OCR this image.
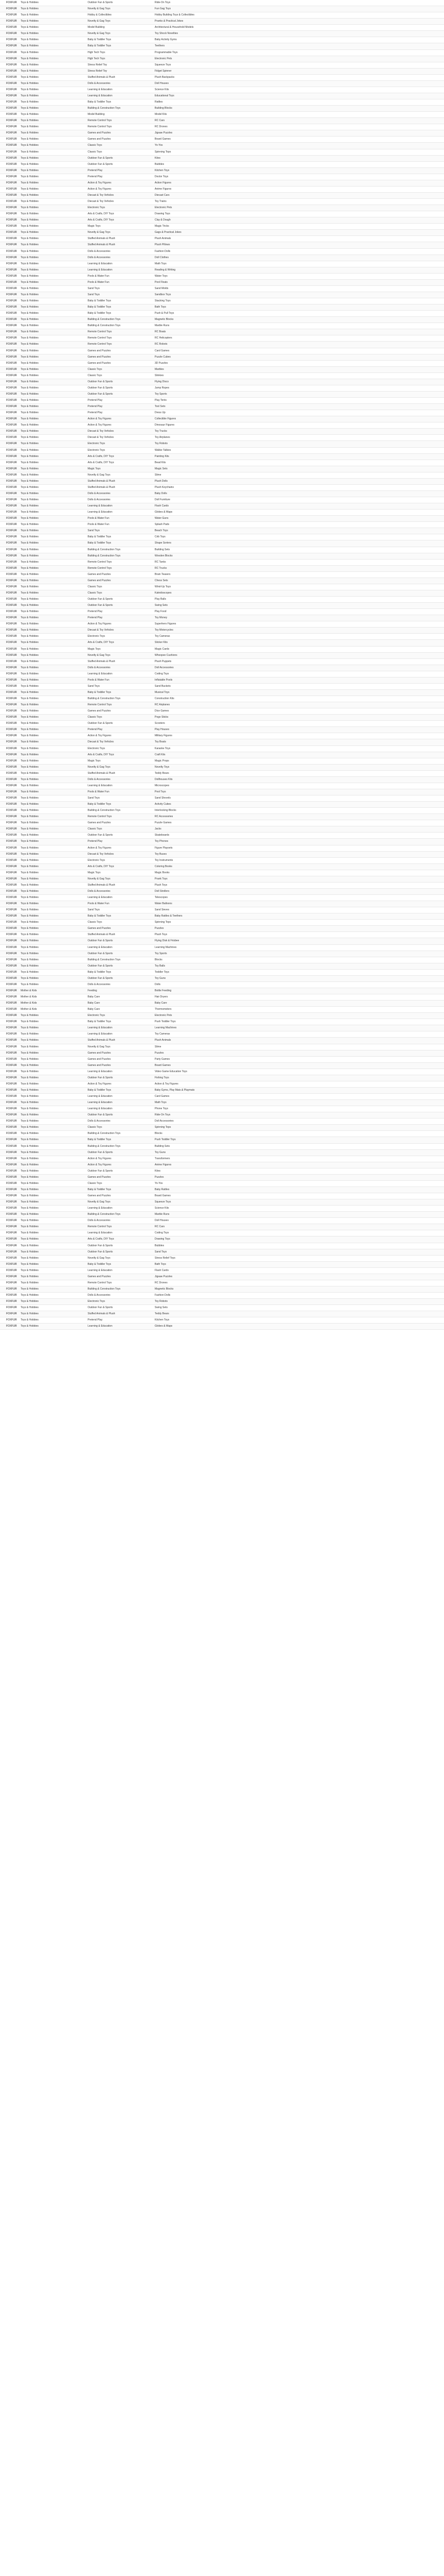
FOXFUR Toys & Hobbies	Outdoor Fun & Sports	Ride-On Toys
FOXFUR Toys & Hobbies	Novelty & Gag Toys	Fun Gag Toys
FOXFUR Toys & Hobbies	Hobby & Collectibles	Hobby Building Toys & Collectibles
FOXFUR Toys & Hobbies	Novelty & Gag Toys	Pranks & Practical Jokes
FOXFUR Toys & Hobbies	Model Building	Architectural & Household Models
FOXFUR Toys & Hobbies	Novelty & Gag Toys	Toy Shock Novelties
FOXFUR Toys & Hobbies	Baby & Toddler Toys	Baby Activity Gyms
FOXFUR Toys & Hobbies	Baby & Toddler Toys	Teethers
FOXFUR Toys & Hobbies	High Tech Toys	Programmable Toys
FOXFUR Toys & Hobbies	High Tech Toys	Electronic Pets
FOXFUR Toys & Hobbies	Stress Relief Toy	Squeeze Toys
FOXFUR Toys & Hobbies	Stress Relief Toy	Fidget Spinner
FOXFUR Toys & Hobbies	Stuffed Animals & Plush	Plush Backpacks
FOXFUR Toys & Hobbies	Dolls & Accessories	Doll Houses
FOXFUR Toys & Hobbies	Learning & Education	Science Kits
FOXFUR Toys & Hobbies	Learning & Education	Educational Toys
FOXFUR Toys & Hobbies	Baby & Toddler Toys	Rattles
FOXFUR Toys & Hobbies	Building & Construction Toys	Building Blocks
FOXFUR Toys & Hobbies	Model Building	Model Kits
FOXFUR Toys & Hobbies	Remote Control Toys	RC Cars
FOXFUR Toys & Hobbies	Remote Control Toys	RC Drones
FOXFUR Toys & Hobbies	Games and Puzzles	Jigsaw Puzzles
FOXFUR Toys & Hobbies	Games and Puzzles	Board Games
FOXFUR Toys & Hobbies	Classic Toys	Yo-Yos
FOXFUR Toys & Hobbies	Classic Toys	Spinning Tops
FOXFUR Toys & Hobbies	Outdoor Fun & Sports	Kites
FOXFUR Toys & Hobbies	Outdoor Fun & Sports	Bubbles
FOXFUR Toys & Hobbies	Pretend Play	Kitchen Toys
FOXFUR Toys & Hobbies	Pretend Play	Doctor Toys
FOXFUR Toys & Hobbies	Action & Toy Figures	Action Figures
FOXFUR Toys & Hobbies	Action & Toy Figures	Anime Figures
FOXFUR Toys & Hobbies	Diecast & Toy Vehicles	Diecast Cars
FOXFUR Toys & Hobbies	Diecast & Toy Vehicles	Toy Trains
FOXFUR Toys & Hobbies	Electronic Toys	Electronic Pets
FOXFUR Toys & Hobbies	Arts & Crafts, DIY Toys	Drawing Toys
FOXFUR Toys & Hobbies	Arts & Crafts, DIY Toys	Clay & Dough
FOXFUR Toys & Hobbies	Magic Toys	Magic Tricks
FOXFUR Toys & Hobbies	Novelty & Gag Toys	Gags & Practical Jokes
FOXFUR Toys & Hobbies	Stuffed Animals & Plush	Plush Animals
FOXFUR Toys & Hobbies	Stuffed Animals & Plush	Plush Pillows
FOXFUR Toys & Hobbies	Dolls & Accessories	Fashion Dolls
FOXFUR Toys & Hobbies	Dolls & Accessories	Doll Clothes
FOXFUR Toys & Hobbies	Learning & Education	Math Toys
FOXFUR Toys & Hobbies	Learning & Education	Reading & Writing
FOXFUR Toys & Hobbies	Pools & Water Fun	Water Toys
FOXFUR Toys & Hobbies	Pools & Water Fun	Pool Floats
FOXFUR Toys & Hobbies	Sand Toys	Sand Molds
FOXFUR Toys & Hobbies	Sand Toys	Sandbox Toys
FOXFUR Toys & Hobbies	Baby & Toddler Toys	Stacking Toys
FOXFUR Toys & Hobbies	Baby & Toddler Toys	Bath Toys
FOXFUR Toys & Hobbies	Baby & Toddler Toys	Push & Pull Toys
FOXFUR Toys & Hobbies	Building & Construction Toys	Magnetic Blocks
FOXFUR Toys & Hobbies	Building & Construction Toys	Marble Runs
FOXFUR Toys & Hobbies	Remote Control Toys	RC Boats
FOXFUR Toys & Hobbies	Remote Control Toys	RC Helicopters
FOXFUR Toys & Hobbies	Remote Control Toys	RC Robots
FOXFUR Toys & Hobbies	Games and Puzzles	Card Games
FOXFUR Toys & Hobbies	Games and Puzzles	Puzzle Cubes
FOXFUR Toys & Hobbies	Games and Puzzles	3D Puzzles
FOXFUR Toys & Hobbies	Classic Toys	Marbles
FOXFUR Toys & Hobbies	Classic Toys	Slinkies
FOXFUR Toys & Hobbies	Outdoor Fun & Sports	Flying Discs
FOXFUR Toys & Hobbies	Outdoor Fun & Sports	Jump Ropes
FOXFUR Toys & Hobbies	Outdoor Fun & Sports	Toy Sports
FOXFUR Toys & Hobbies	Pretend Play	Play Tents
FOXFUR Toys & Hobbies	Pretend Play	Tool Sets
FOXFUR Toys & Hobbies	Pretend Play	Dress Up
FOXFUR Toys & Hobbies	Action & Toy Figures	Collectible Figures
FOXFUR Toys & Hobbies	Action & Toy Figures	Dinosaur Figures
FOXFUR Toys & Hobbies	Diecast & Toy Vehicles	Toy Trucks
FOXFUR Toys & Hobbies	Diecast & Toy Vehicles	Toy Airplanes
FOXFUR Toys & Hobbies	Electronic Toys	Toy Robots
FOXFUR Toys & Hobbies	Electronic Toys	Walkie Talkies
FOXFUR Toys & Hobbies	Arts & Crafts, DIY Toys	Painting Kits
FOXFUR Toys & Hobbies	Arts & Crafts, DIY Toys	Bead Kits
FOXFUR Toys & Hobbies	Magic Toys	Magic Sets
FOXFUR Toys & Hobbies	Novelty & Gag Toys	Slime
FOXFUR Toys & Hobbies	Stuffed Animals & Plush	Plush Dolls
FOXFUR Toys & Hobbies	Stuffed Animals & Plush	Plush Keychains
FOXFUR Toys & Hobbies	Dolls & Accessories	Baby Dolls
FOXFUR Toys & Hobbies	Dolls & Accessories	Doll Furniture
FOXFUR Toys & Hobbies	Learning & Education	Flash Cards
FOXFUR Toys & Hobbies	Learning & Education	Globes & Maps
FOXFUR Toys & Hobbies	Pools & Water Fun	Water Guns
FOXFUR Toys & Hobbies	Pools & Water Fun	Splash Pads
FOXFUR Toys & Hobbies	Sand Toys	Beach Toys
FOXFUR Toys & Hobbies	Baby & Toddler Toys	Crib Toys
FOXFUR Toys & Hobbies	Baby & Toddler Toys	Shape Sorters
FOXFUR Toys & Hobbies	Building & Construction Toys	Building Sets
FOXFUR Toys & Hobbies	Building & Construction Toys	Wooden Blocks
FOXFUR Toys & Hobbies	Remote Control Toys	RC Tanks
FOXFUR Toys & Hobbies	Remote Control Toys	RC Trucks
FOXFUR Toys & Hobbies	Games and Puzzles	Brain Teasers
FOXFUR Toys & Hobbies	Games and Puzzles	Chess Sets
FOXFUR Toys & Hobbies	Classic Toys	Wind-Up Toys
FOXFUR Toys & Hobbies	Classic Toys	Kaleidoscopes
FOXFUR Toys & Hobbies	Outdoor Fun & Sports	Play Balls
FOXFUR Toys & Hobbies	Outdoor Fun & Sports	Swing Sets
FOXFUR Toys & Hobbies	Pretend Play	Play Food
FOXFUR Toys & Hobbies	Pretend Play	Toy Money
FOXFUR Toys & Hobbies	Action & Toy Figures	Superhero Figures
FOXFUR Toys & Hobbies	Diecast & Toy Vehicles	Toy Motorcycles
FOXFUR Toys & Hobbies	Electronic Toys	Toy Cameras
FOXFUR Toys & Hobbies	Arts & Crafts, DIY Toys	Sticker Kits
FOXFUR Toys & Hobbies	Magic Toys	Magic Cards
FOXFUR Toys & Hobbies	Novelty & Gag Toys	Whoopee Cushions
FOXFUR Toys & Hobbies	Stuffed Animals & Plush	Plush Puppets
FOXFUR Toys & Hobbies	Dolls & Accessories	Doll Accessories
FOXFUR Toys & Hobbies	Learning & Education	Coding Toys
FOXFUR Toys & Hobbies	Pools & Water Fun	Inflatable Pools
FOXFUR Toys & Hobbies	Sand Toys	Sand Buckets
FOXFUR Toys & Hobbies	Baby & Toddler Toys	Musical Toys
FOXFUR Toys & Hobbies	Building & Construction Toys	Construction Kits
FOXFUR Toys & Hobbies	Remote Control Toys	RC Airplanes
FOXFUR Toys & Hobbies	Games and Puzzles	Dice Games
FOXFUR Toys & Hobbies	Classic Toys	Pogo Sticks
FOXFUR Toys & Hobbies	Outdoor Fun & Sports	Scooters
FOXFUR Toys & Hobbies	Pretend Play	Play Houses
FOXFUR Toys & Hobbies	Action & Toy Figures	Military Figures
FOXFUR Toys & Hobbies	Diecast & Toy Vehicles	Toy Boats
FOXFUR Toys & Hobbies	Electronic Toys	Karaoke Toys
FOXFUR Toys & Hobbies	Arts & Crafts, DIY Toys	Craft Kits
FOXFUR Toys & Hobbies	Magic Toys	Magic Props
FOXFUR Toys & Hobbies	Novelty & Gag Toys	Novelty Toys
FOXFUR Toys & Hobbies	Stuffed Animals & Plush	Teddy Bears
FOXFUR Toys & Hobbies	Dolls & Accessories	Dollhouses Kits
FOXFUR Toys & Hobbies	Learning & Education	Microscopes
FOXFUR Toys & Hobbies	Pools & Water Fun	Pool Toys
FOXFUR Toys & Hobbies	Sand Toys	Sand Shovels
FOXFUR Toys & Hobbies	Baby & Toddler Toys	Activity Cubes
FOXFUR Toys & Hobbies	Building & Construction Toys	Interlocking Blocks
FOXFUR Toys & Hobbies	Remote Control Toys	RC Accessories
FOXFUR Toys & Hobbies	Games and Puzzles	Puzzle Games
FOXFUR Toys & Hobbies	Classic Toys	Jacks
FOXFUR Toys & Hobbies	Outdoor Fun & Sports	Skateboards
FOXFUR Toys & Hobbies	Pretend Play	Toy Phones
FOXFUR Toys & Hobbies	Action & Toy Figures	Figure Playsets
FOXFUR Toys & Hobbies	Diecast & Toy Vehicles	Toy Buses
FOXFUR Toys & Hobbies	Electronic Toys	Toy Instruments
FOXFUR Toys & Hobbies	Arts & Crafts, DIY Toys	Coloring Books
FOXFUR Toys & Hobbies	Magic Toys	Magic Books
FOXFUR Toys & Hobbies	Novelty & Gag Toys	Prank Toys
FOXFUR Toys & Hobbies	Stuffed Animals & Plush	Plush Toys
FOXFUR Toys & Hobbies	Dolls & Accessories	Doll Strollers
FOXFUR Toys & Hobbies	Learning & Education	Telescopes
FOXFUR Toys & Hobbies	Pools & Water Fun	Water Balloons
FOXFUR Toys & Hobbies	Sand Toys	Sand Sieves
FOXFUR Toys & Hobbies	Baby & Toddler Toys	Baby Rattles & Teethers
FOXFUR Toys & Hobbies	Classic Toys	Spinning Tops
FOXFUR Toys & Hobbies	Games and Puzzles	Puzzles
FOXFUR Toys & Hobbies	Stuffed Animals & Plush	Plush Toys
FOXFUR Toys & Hobbies	Outdoor Fun & Sports	Flying Disk & Frisbee
FOXFUR Toys & Hobbies	Learning & Education	Learning Machines
FOXFUR Toys & Hobbies	Outdoor Fun & Sports	Toy Sports
FOXFUR Toys & Hobbies	Building & Construction Toys	Blocks
FOXFUR Toys & Hobbies	Outdoor Fun & Sports	Toy Balls
FOXFUR Toys & Hobbies	Baby & Toddler Toys	Toddler Toys
FOXFUR Toys & Hobbies	Outdoor Fun & Sports	Toy Guns
FOXFUR Toys & Hobbies	Dolls & Accessories	Dolls
FOXFUR Mother & Kids	Feeding	Bottle Feeding
FOXFUR Mother & Kids	Baby Care	Hair Dryers
FOXFUR Mother & Kids	Baby Care	Baby Care
FOXFUR Mother & Kids	Baby Care	Thermometers
FOXFUR Toys & Hobbies	Electronic Toys	Electronic Pets
FOXFUR Toys & Hobbies	Baby & Toddler Toys	Push Toddler Toys
FOXFUR Toys & Hobbies	Learning & Education	Learning Machines
FOXFUR Toys & Hobbies	Learning & Education	Toy Cameras
FOXFUR Toys & Hobbies	Stuffed Animals & Plush	Plush Animals
FOXFUR Toys & Hobbies	Novelty & Gag Toys	Slime
FOXFUR Toys & Hobbies	Games and Puzzles	Puzzles
FOXFUR Toys & Hobbies	Games and Puzzles	Party Games
FOXFUR Toys & Hobbies	Games and Puzzles	Board Games
FOXFUR Toys & Hobbies	Learning & Education	Video Game Education Toys
FOXFUR Toys & Hobbies	Outdoor Fun & Sports	Fishing Toys
FOXFUR Toys & Hobbies	Action & Toy Figures	Action & Toy Figures
FOXFUR Toys & Hobbies	Baby & Toddler Toys	Baby Gyms, Play Mats & Playmats
FOXFUR Toys & Hobbies	Learning & Education	Card Games
FOXFUR Toys & Hobbies	Learning & Education	Math Toys
FOXFUR Toys & Hobbies	Learning & Education	Phone Toys
FOXFUR Toys & Hobbies	Outdoor Fun & Sports	Ride-On Toys
FOXFUR Toys & Hobbies	Dolls & Accessories	Doll Accessories
FOXFUR Toys & Hobbies	Classic Toys	Spinning Tops
FOXFUR Toys & Hobbies	Building & Construction Toys	Blocks
FOXFUR Toys & Hobbies	Baby & Toddler Toys	Push Toddler Toys
FOXFUR Toys & Hobbies	Building & Construction Toys	Building Sets
FOXFUR Toys & Hobbies	Outdoor Fun & Sports	Toy Guns
FOXFUR Toys & Hobbies	Action & Toy Figures	Transformers
FOXFUR Toys & Hobbies	Action & Toy Figures	Anime Figures
FOXFUR Toys & Hobbies	Outdoor Fun & Sports	Kites
FOXFUR Toys & Hobbies	Games and Puzzles	Puzzles
FOXFUR Toys & Hobbies	Classic Toys	Yo-Yos
FOXFUR Toys & Hobbies	Baby & Toddler Toys	Baby Rattles
FOXFUR Toys & Hobbies	Games and Puzzles	Board Games
FOXFUR Toys & Hobbies	Novelty & Gag Toys	Squeeze Toys
FOXFUR Toys & Hobbies	Learning & Education	Science Kits
FOXFUR Toys & Hobbies	Building & Construction Toys	Marble Runs
FOXFUR Toys & Hobbies	Dolls & Accessories	Doll Houses
FOXFUR Toys & Hobbies	Remote Control Toys	RC Cars
FOXFUR Toys & Hobbies	Learning & Education	Coding Toys
FOXFUR Toys & Hobbies	Arts & Crafts, DIY Toys	Drawing Toys
FOXFUR Toys & Hobbies	Outdoor Fun & Sports	Bubbles
FOXFUR Toys & Hobbies	Outdoor Fun & Sports	Sand Toys
FOXFUR Toys & Hobbies	Novelty & Gag Toys	Stress Relief Toys
FOXFUR Toys & Hobbies	Baby & Toddler Toys	Bath Toys
FOXFUR Toys & Hobbies	Learning & Education	Flash Cards
FOXFUR Toys & Hobbies	Games and Puzzles	Jigsaw Puzzles
FOXFUR Toys & Hobbies	Remote Control Toys	RC Drones
FOXFUR Toys & Hobbies	Building & Construction Toys	Magnetic Blocks
FOXFUR Toys & Hobbies	Dolls & Accessories	Fashion Dolls
FOXFUR Toys & Hobbies	Electronic Toys	Toy Robots
FOXFUR Toys & Hobbies	Outdoor Fun & Sports	Swing Sets
FOXFUR Toys & Hobbies	Stuffed Animals & Plush	Teddy Bears
FOXFUR Toys & Hobbies	Pretend Play	Kitchen Toys
FOXFUR Toys & Hobbies	Learning & Education	Globes & Maps
